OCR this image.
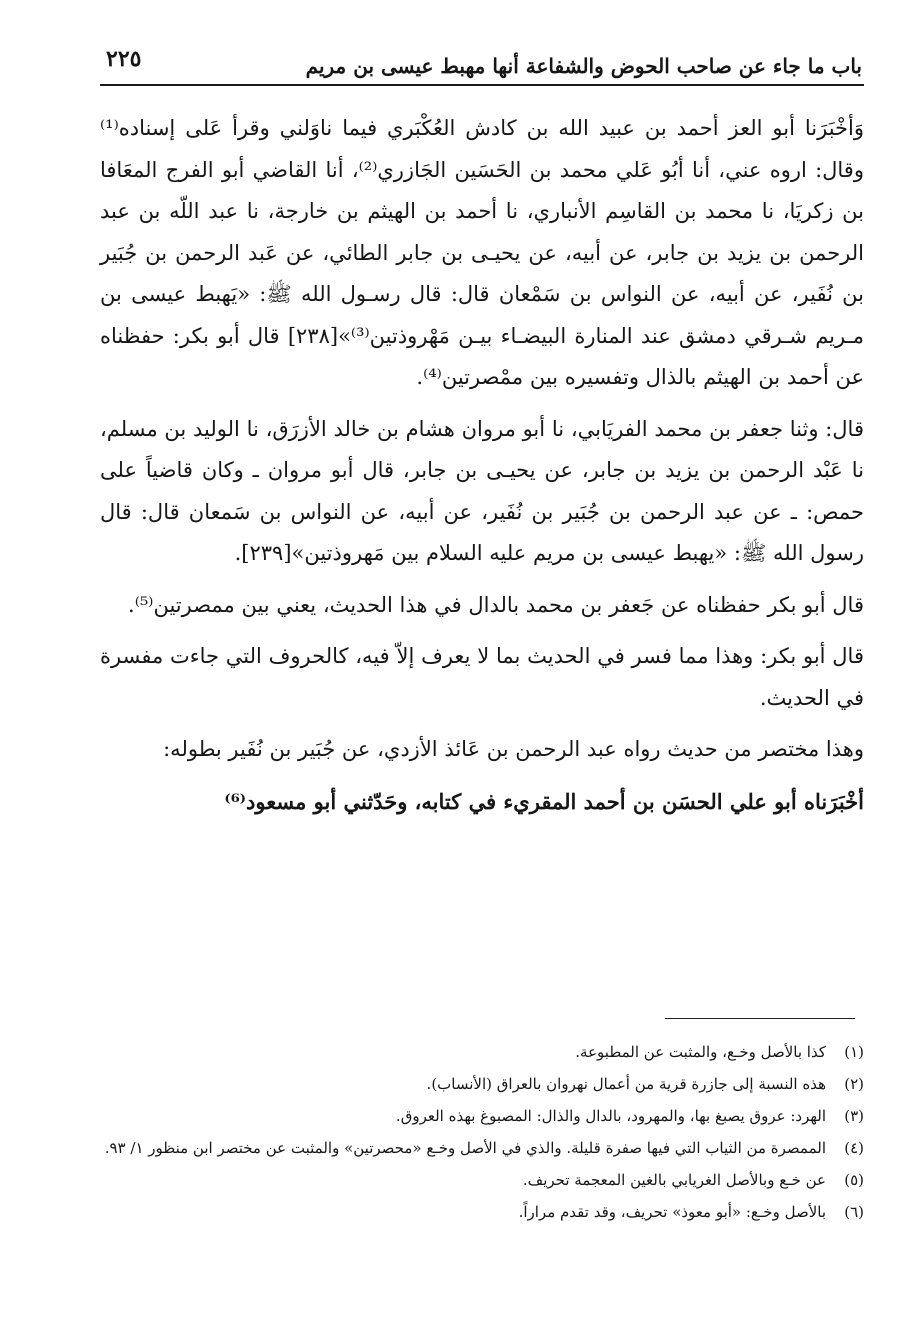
باب ما جاء عن صاحب الحوض والشفاعة أنها مهبط عيسى بن مريم
٢٢٥

وَأخْبَرَنا أبو العز أحمد بن عبيد الله بن كادش العُكْبَري فيما ناوَلني وقرأ عَلى إسناده⁽¹⁾ وقال: اروه عني، أنا أبُو عَلي محمد بن الحَسَين الجَازري⁽²⁾، أنا القاضي أبو الفرج المعَافا بن زكريَا، نا محمد بن القاسِم الأنباري، نا أحمد بن الهيثم بن خارجة، نا عبد اللّه بن عبد الرحمن بن يزيد بن جابر، عن أبيه، عن يحيـى بن جابر الطائي، عن عَبد الرحمن بن جُبَير بن نُفَير، عن أبيه، عن النواس بن سَمْعان قال: قال رسـول الله ﷺ: «يَهبط عيسى بن مـريم شـرقي دمشق عند المنارة البيضـاء بيـن مَهْروذتين⁽³⁾»[٢٣٨] قال أبو بكر: حفظناه عن أحمد بن الهيثم بالذال وتفسيره بين ممْصرتين⁽⁴⁾.

قال: وثنا جعفر بن محمد الفريَابي، نا أبو مروان هشام بن خالد الأزرَق، نا الوليد بن مسلم، نا عَبْد الرحمن بن يزيد بن جابر، عن يحيـى بن جابر، قال أبو مروان ـ وكان قاضياً على حمص: ـ عن عبد الرحمن بن جُبَير بن نُفَير، عن أبيه، عن النواس بن سَمعان قال: قال رسول الله ﷺ: «يهبط عيسى بن مريم عليه السلام بين مَهروذتين»[٢٣٩].

قال أبو بكر حفظناه عن جَعفر بن محمد بالدال في هذا الحديث، يعني بين ممصرتين⁽⁵⁾.

قال أبو بكر: وهذا مما فسر في الحديث بما لا يعرف إلاّ فيه، كالحروف التي جاءت مفسرة في الحديث.

وهذا مختصر من حديث رواه عبد الرحمن بن عَائذ الأزدي، عن جُبَير بن نُفَير بطوله:

أخْبَرَناه أبو علي الحسَن بن أحمد المقريء في كتابه، وحَدّثني أبو مسعود⁽⁶⁾

(١)
كذا بالأصل وخـع، والمثبت عن المطبوعة.
(٢)
هذه النسبة إلى جازرة قرية من أعمال نهروان بالعراق (الأنساب).
(٣)
الهرد: عروق يصبغ بها، والمهرود، بالدال والذال: المصبوغ بهذه العروق.
(٤)
الممصرة من الثياب التي فيها صفرة قليلة. والذي في الأصل وخـع «محصرتين» والمثبت عن مختصر ابن منظور ١/ ٩٣.
(٥)
عن خـع وبالأصل الغريابي بالغين المعجمة تحريف.
(٦)
بالأصل وخـع: «أبو معوذ» تحريف، وقد تقدم مراراً.
